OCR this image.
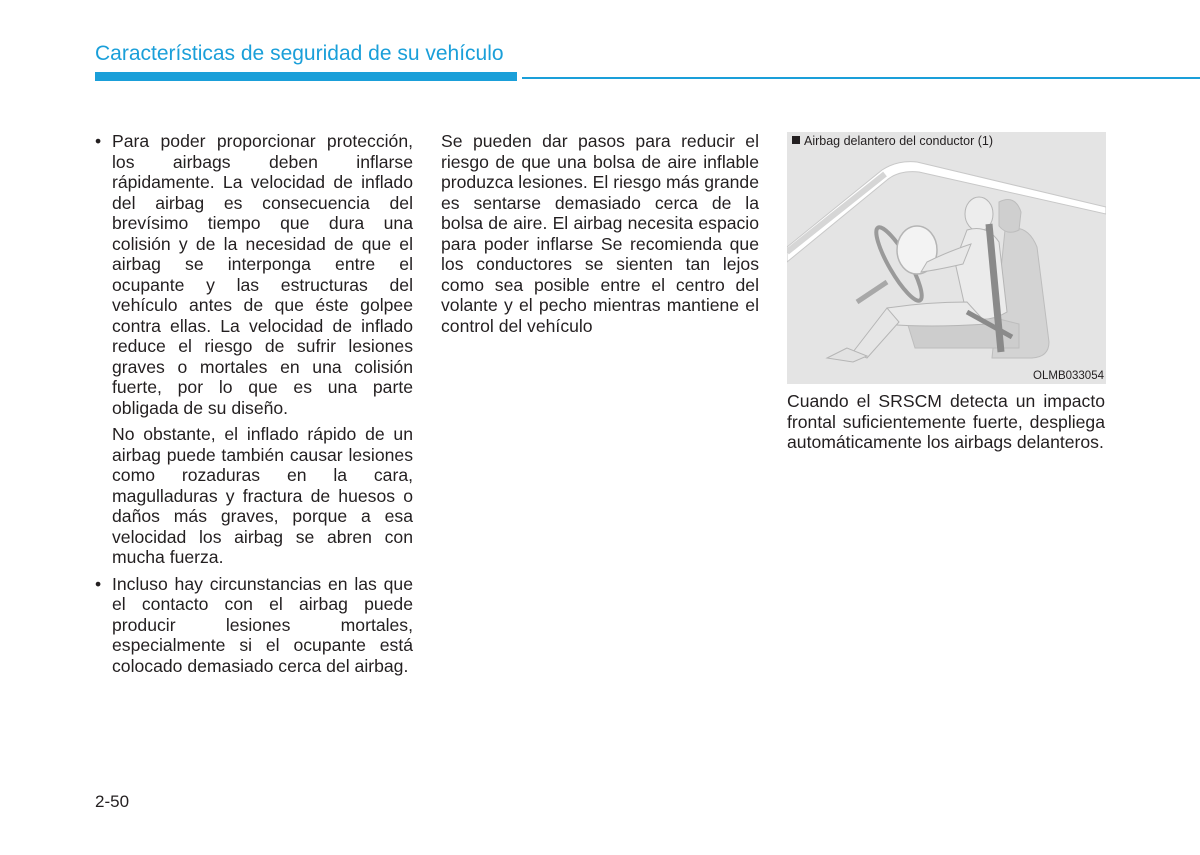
Características de seguridad de su vehículo

• Para poder proporcionar protección, los airbags deben inflarse rápidamente. La velocidad de inflado del airbag es consecuencia del brevísimo tiempo que dura una colisión y de la necesidad de que el airbag se interponga entre el ocupante y las estructuras del vehículo antes de que éste golpee contra ellas. La velocidad de inflado reduce el riesgo de sufrir lesiones graves o mortales en una colisión fuerte, por lo que es una parte obligada de su diseño.

No obstante, el inflado rápido de un airbag puede también causar lesiones como rozaduras en la cara, magulladuras y fractura de huesos o daños más graves, porque a esa velocidad los airbag se abren con mucha fuerza.

• Incluso hay circunstancias en las que el contacto con el airbag puede producir lesiones mortales, especialmente si el ocupante está colocado demasiado cerca del airbag.

Se pueden dar pasos para reducir el riesgo de que una bolsa de aire inflable produzca lesiones. El riesgo más grande es sentarse demasiado cerca de la bolsa de aire. El airbag necesita espacio para poder inflarse Se recomienda que los conductores se sienten tan lejos como sea posible entre el centro del volante y el pecho mientras mantiene el control del vehículo

Airbag delantero del conductor (1)
OLMB033054

Cuando el SRSCM detecta un impacto frontal suficientemente fuerte, despliega automáticamente los airbags delanteros.

2-50
